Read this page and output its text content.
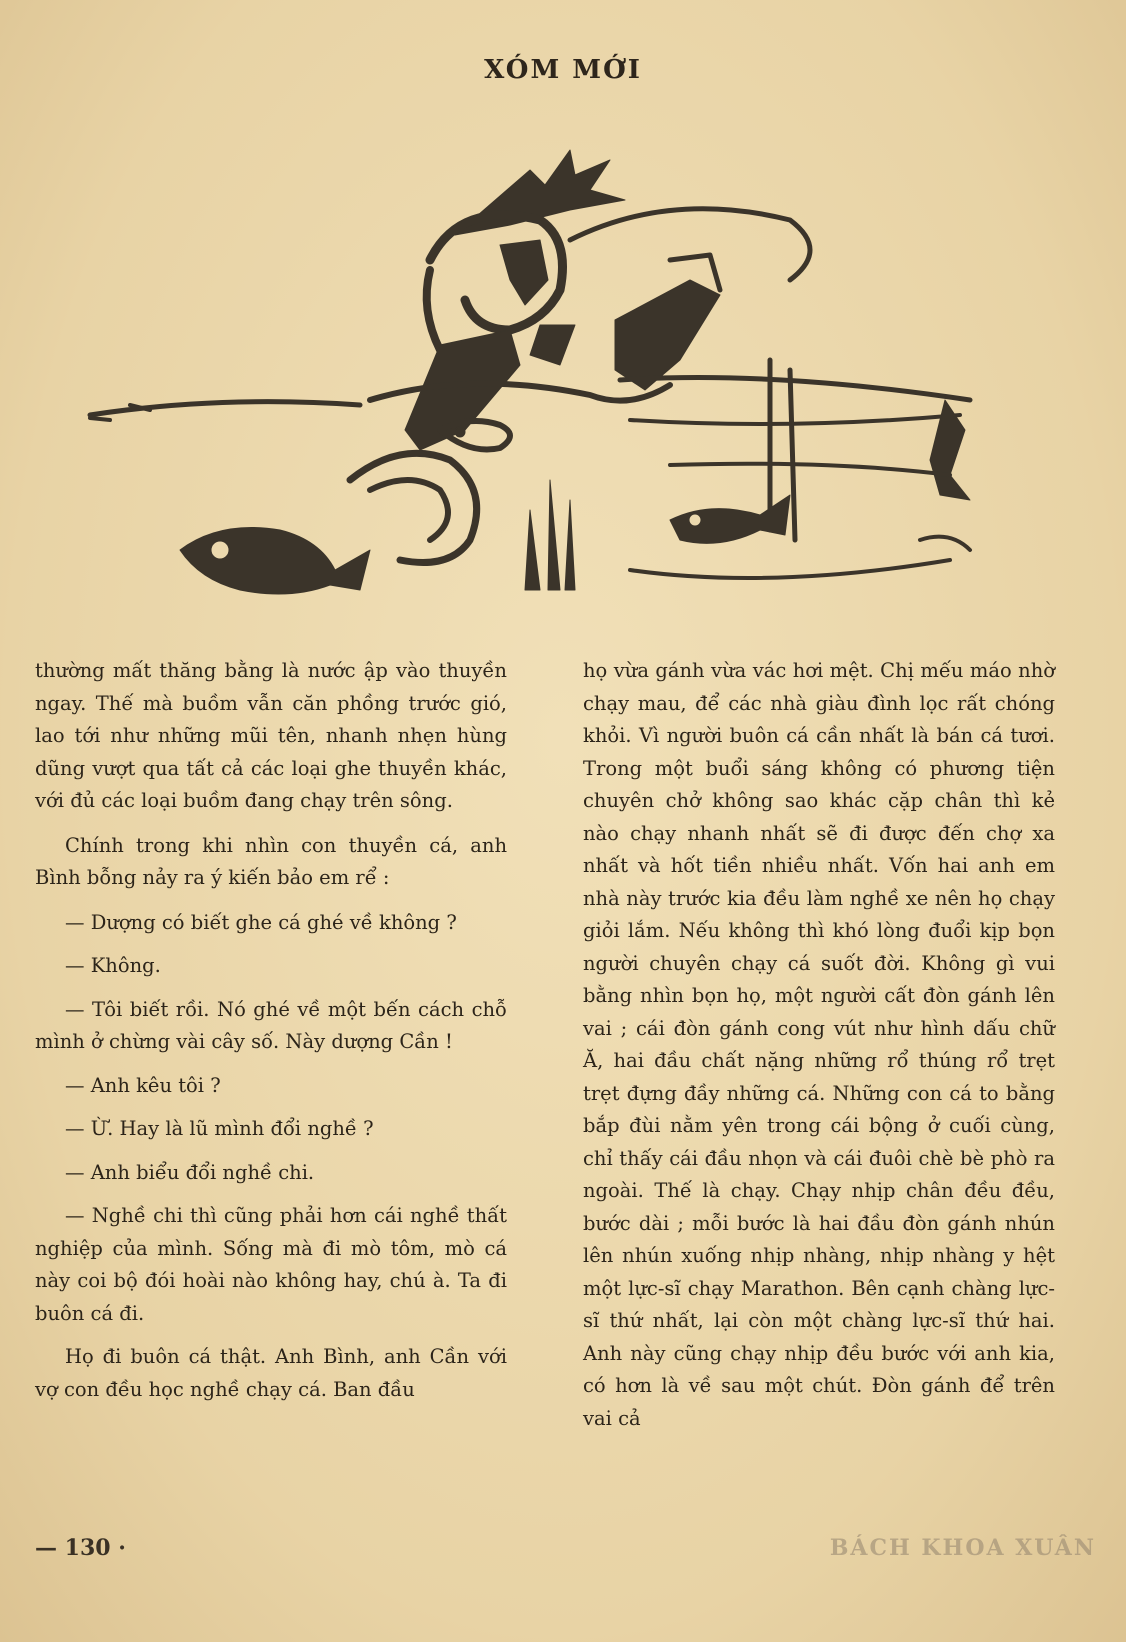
XÓM MỚI

thường mất thăng bằng là nước ập vào thuyền ngay. Thế mà buồm vẫn căn phồng trước gió, lao tới như những mũi tên, nhanh nhẹn hùng dũng vượt qua tất cả các loại ghe thuyền khác, với đủ các loại buồm đang chạy trên sông.

Chính trong khi nhìn con thuyền cá, anh Bình bỗng nảy ra ý kiến bảo em rể :

— Dượng có biết ghe cá ghé về không ?

— Không.

— Tôi biết rồi. Nó ghé về một bến cách chỗ mình ở chừng vài cây số. Này dượng Cần !

— Anh kêu tôi ?

— Ừ. Hay là lũ mình đổi nghề ?

— Anh biểu đổi nghề chi.

— Nghề chi thì cũng phải hơn cái nghề thất nghiệp của mình. Sống mà đi mò tôm, mò cá này coi bộ đói hoài nào không hay, chú à. Ta đi buôn cá đi.

Họ đi buôn cá thật. Anh Bình, anh Cần với vợ con đều học nghề chạy cá. Ban đầu

họ vừa gánh vừa vác hơi mệt. Chị mếu máo nhờ chạy mau, để các nhà giàu đình lọc rất chóng khỏi. Vì người buôn cá cần nhất là bán cá tươi. Trong một buổi sáng không có phương tiện chuyên chở không sao khác cặp chân thì kẻ nào chạy nhanh nhất sẽ đi được đến chợ xa nhất và hốt tiền nhiều nhất. Vốn hai anh em nhà này trước kia đều làm nghề xe nên họ chạy giỏi lắm. Nếu không thì khó lòng đuổi kịp bọn người chuyên chạy cá suốt đời. Không gì vui bằng nhìn bọn họ, một người cất đòn gánh lên vai ; cái đòn gánh cong vút như hình dấu chữ Ă, hai đầu chất nặng những rổ thúng rổ trẹt trẹt đựng đầy những cá. Những con cá to bằng bắp đùi nằm yên trong cái bộng ở cuối cùng, chỉ thấy cái đầu nhọn và cái đuôi chè bè phò ra ngoài. Thế là chạy. Chạy nhịp chân đều đều, bước dài ; mỗi bước là hai đầu đòn gánh nhún lên nhún xuống nhịp nhàng, nhịp nhàng y hệt một lực-sĩ chạy Marathon. Bên cạnh chàng lực-sĩ thứ nhất, lại còn một chàng lực-sĩ thứ hai. Anh này cũng chạy nhịp đều bước với anh kia, có hơn là về sau một chút. Đòn gánh để trên vai cả

— 130 ·	BÁCH KHOA XUÂN
